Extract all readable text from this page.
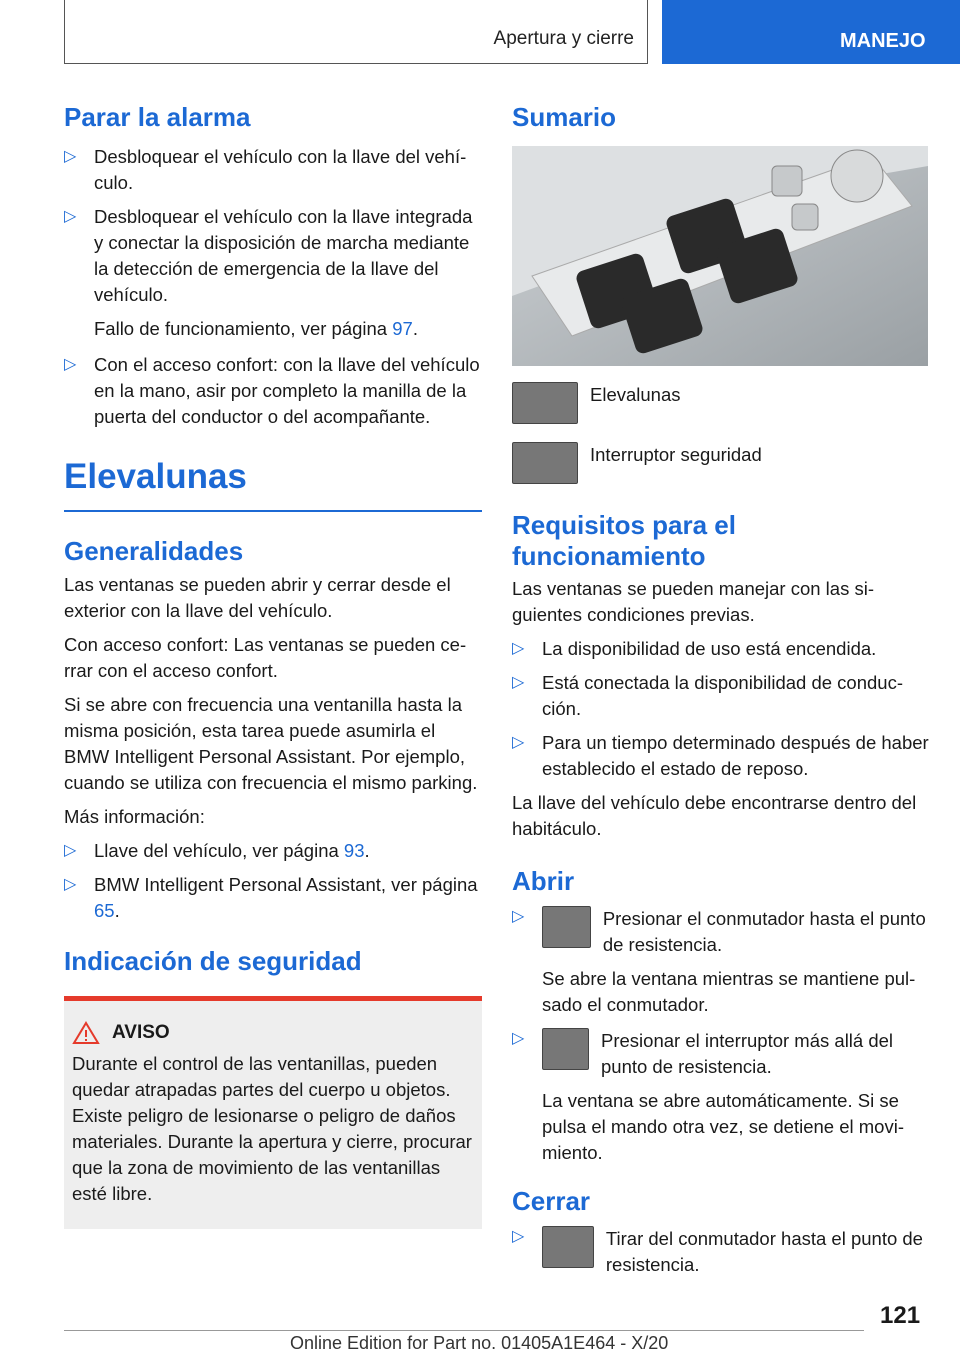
Apertura y cierre	MANEJO
Parar la alarma
▷ Desbloquear el vehículo con la llave del vehículo.
▷ Desbloquear el vehículo con la llave integrada y conectar la disposición de marcha mediante la detección de emergencia de la llave del vehículo.
Fallo de funcionamiento, ver página 97.
▷ Con el acceso confort: con la llave del vehículo en la mano, asir por completo la manilla de la puerta del conductor o del acompañante.
Elevalunas
Generalidades

Las ventanas se pueden abrir y cerrar desde el exterior con la llave del vehículo.

Con acceso confort: Las ventanas se pueden cerrar con el acceso confort.

Si se abre con frecuencia una ventanilla hasta la misma posición, esta tarea puede asumirla el BMW Intelligent Personal Assistant. Por ejemplo, cuando se utiliza con frecuencia el mismo parking.

Más información:

▷ Llave del vehículo, ver página 93.
▷ BMW Intelligent Personal Assistant, ver página 65.
Indicación de seguridad
AVISO

Durante el control de las ventanillas, pueden quedar atrapadas partes del cuerpo u objetos. Existe peligro de lesionarse o peligro de daños materiales. Durante la apertura y cierre, procurar que la zona de movimiento de las ventanillas esté libre.

Sumario
Elevalunas
Interruptor seguridad
Requisitos para el funcionamiento

Las ventanas se pueden manejar con las siguientes condiciones previas.

▷ La disponibilidad de uso está encendida.
▷ Está conectada la disponibilidad de conducción.
▷ Para un tiempo determinado después de haber establecido el estado de reposo.

La llave del vehículo debe encontrarse dentro del habitáculo.

Abrir
▷	Presionar el conmutador hasta el punto de resistencia.
Se abre la ventana mientras se mantiene pulsado el conmutador.
▷	Presionar el interruptor más allá del punto de resistencia.
La ventana se abre automáticamente. Si se pulsa el mando otra vez, se detiene el movimiento.
Cerrar
▷	Tirar del conmutador hasta el punto de resistencia.
121
Online Edition for Part no. 01405A1E464 - X/20
